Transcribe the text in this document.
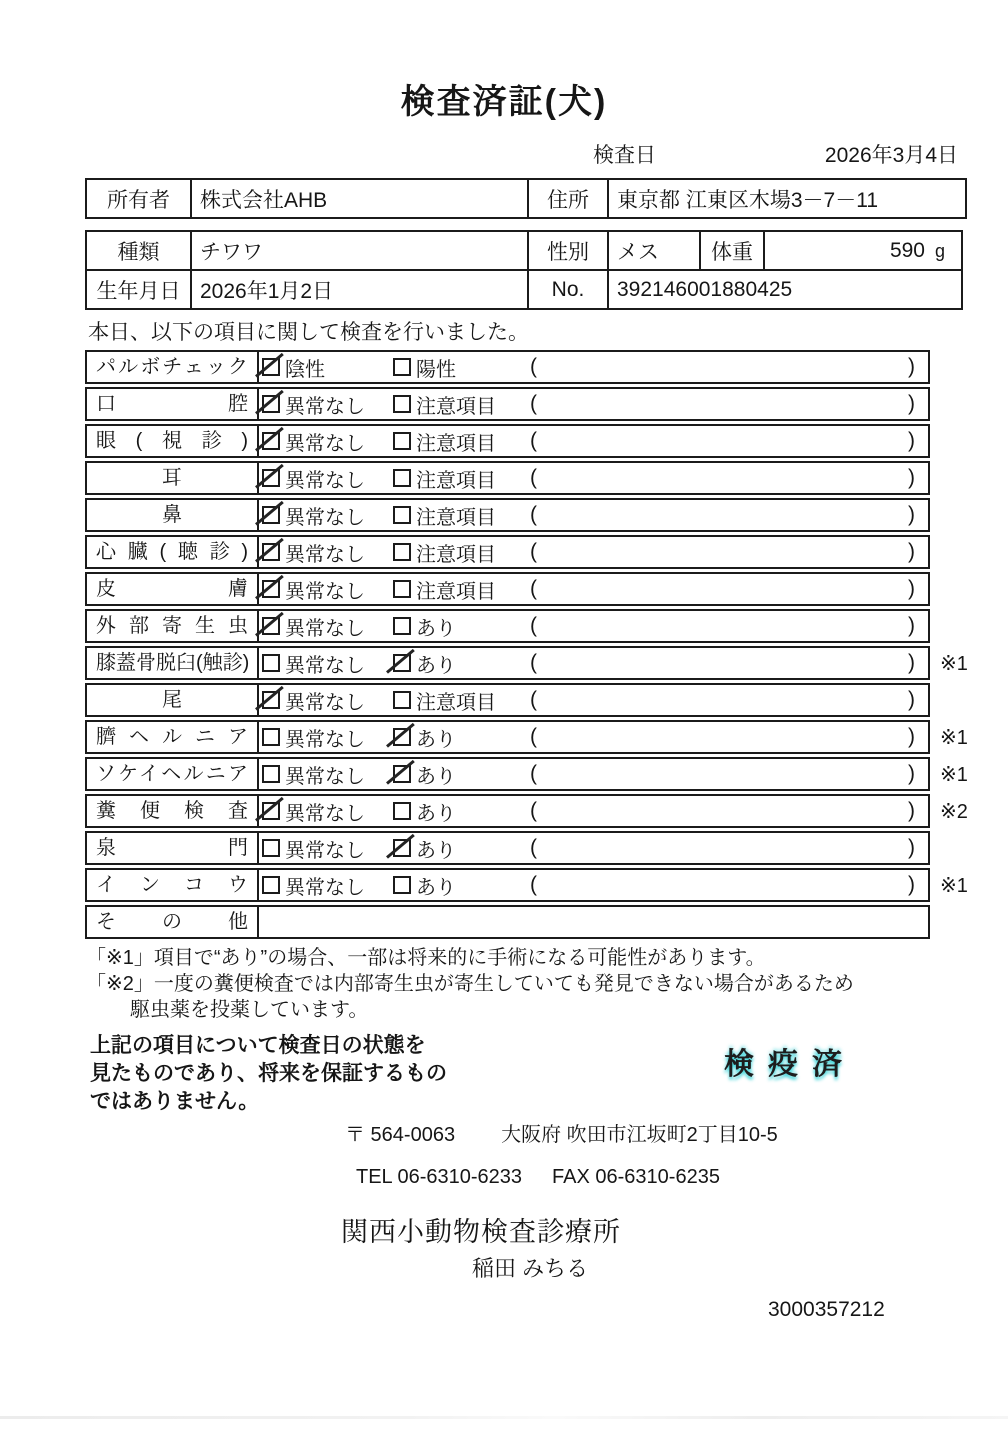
検査済証(犬)
検査日	2026年3月4日
所有者	株式会社AHB	住所	東京都 江東区木場3－7－11
種類	チワワ	性別	メス	体重	590 g
生年月日	2026年1月2日	No.	392146001880425		
本日、以下の項目に関して検査を行いました。
パルボチェック	陰性	陽性	(	)
口腔	異常なし	注意項目 (	)
眼(視診)	異常なし	注意項目 (	)
耳	異常なし	注意項目 (	)
鼻	異常なし	注意項目 (	)
心臓(聴診)	異常なし	注意項目 (	)
皮膚	異常なし	注意項目 (	)
外部寄生虫	異常なし	あり	(	)
膝蓋骨脱臼(触診)	異常なし	あり	(	) ※1
尾	異常なし	注意項目 (	)
臍ヘルニア	異常なし	あり	(	) ※1
ソケイヘルニア	異常なし	あり	(	) ※1
糞便検査	異常なし	あり	(	) ※2
泉門	異常なし	あり	(	)
インコウ	異常なし	あり	(	) ※1
その他
「※1」項目で“あり”の場合、一部は将来的に手術になる可能性があります。
「※2」一度の糞便検査では内部寄生虫が寄生していても発見できない場合があるため
駆虫薬を投薬しています。
上記の項目について検査日の状態を
見たものであり、将来を保証するもの
ではありません。
検疫済
〒 564-0063 大阪府 吹田市江坂町2丁目10-5
TEL 06-6310-6233 FAX 06-6310-6235
関西小動物検査診療所
稲田 みちる
3000357212
